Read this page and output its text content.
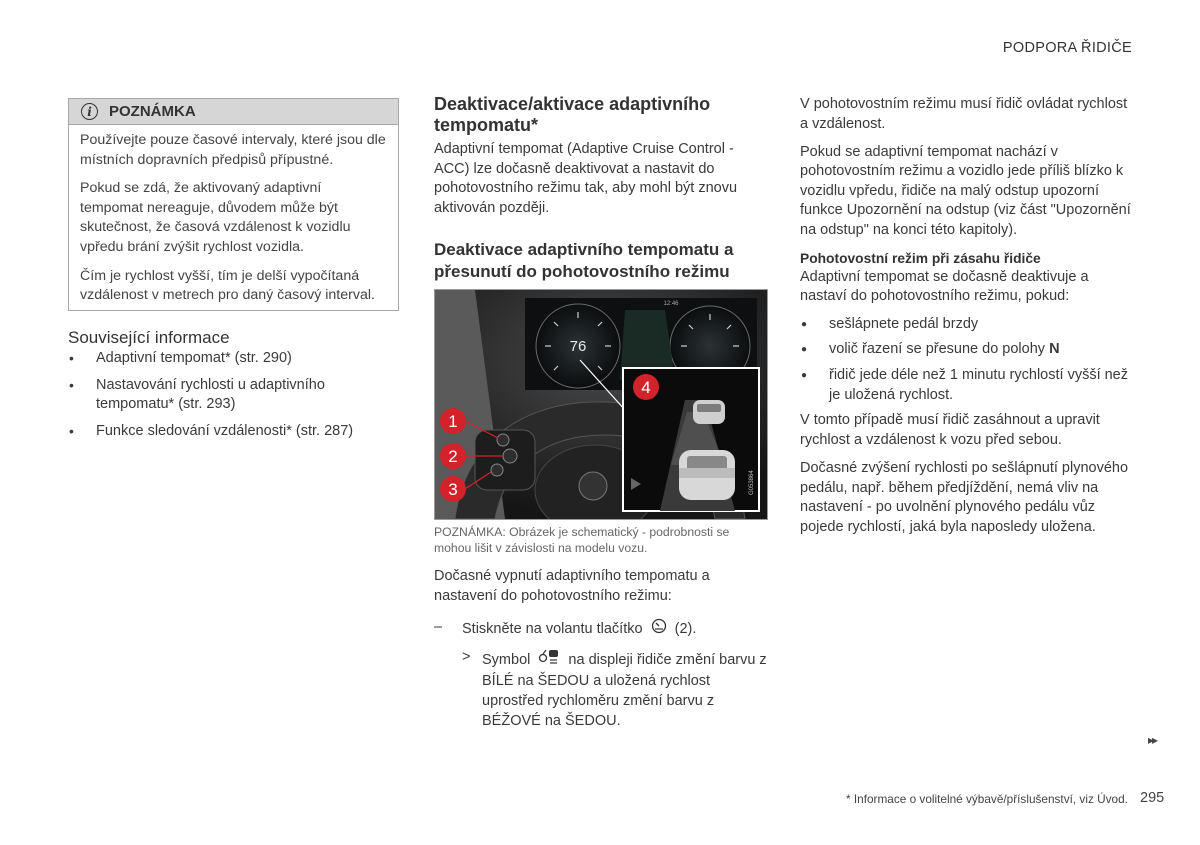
PODPORA ŘIDIČE
i	POZNÁMKA

Používejte pouze časové intervaly, které jsou dle místních dopravních předpisů přípustné.

Pokud se zdá, že aktivovaný adaptivní tempomat nereaguje, důvodem může být skutečnost, že časová vzdálenost k vozidlu vpředu brání zvýšit rychlost vozidla.

Čím je rychlost vyšší, tím je delší vypočítaná vzdálenost v metrech pro daný časový interval.

Související informace
• Adaptivní tempomat* (str. 290)
• Nastavování rychlosti u adaptivního tempomatu* (str. 293)
• Funkce sledování vzdálenosti* (str. 287)
Deaktivace/aktivace adaptivního tempomatu*

Adaptivní tempomat (Adaptive Cruise Control - ACC) lze dočasně deaktivovat a nastavit do pohotovostního režimu tak, aby mohl být znovu aktivován později.

Deaktivace adaptivního tempomatu a přesunutí do pohotovostního režimu
76
12:46
1
2
3	G053864
4
POZNÁMKA: Obrázek je schematický - podrobnosti se mohou lišit v závislosti na modelu vozu.

Dočasné vypnutí adaptivního tempomatu a nastavení do pohotovostního režimu:

– Stiskněte na volantu tlačítko (2).
> Symbol	na displeji řidiče změní barvu z BÍLÉ na ŠEDOU a uložená rychlost uprostřed rychloměru změní barvu z BÉŽOVÉ na ŠEDOU.

V pohotovostním režimu musí řidič ovládat rychlost a vzdálenost.

Pokud se adaptivní tempomat nachází v pohotovostním režimu a vozidlo jede příliš blízko k vozidlu vpředu, řidiče na malý odstup upozorní funkce Upozornění na odstup (viz část "Upozornění na odstup" na konci této kapitoly).

Pohotovostní režim při zásahu řidiče

Adaptivní tempomat se dočasně deaktivuje a nastaví do pohotovostního režimu, pokud:

● sešlápnete pedál brzdy
● volič řazení se přesune do polohy N
● řidič jede déle než 1 minutu rychlostí vyšší než je uložená rychlost.

V tomto případě musí řidič zasáhnout a upravit rychlost a vzdálenost k vozu před sebou.

Dočasné zvýšení rychlosti po sešlápnutí plynového pedálu, např. během předjíždění, nemá vliv na nastavení - po uvolnění plynového pedálu vůz pojede rychlostí, jaká byla naposledy uložena.

▸▸
* Informace o volitelné výbavě/příslušenství, viz Úvod. 295
